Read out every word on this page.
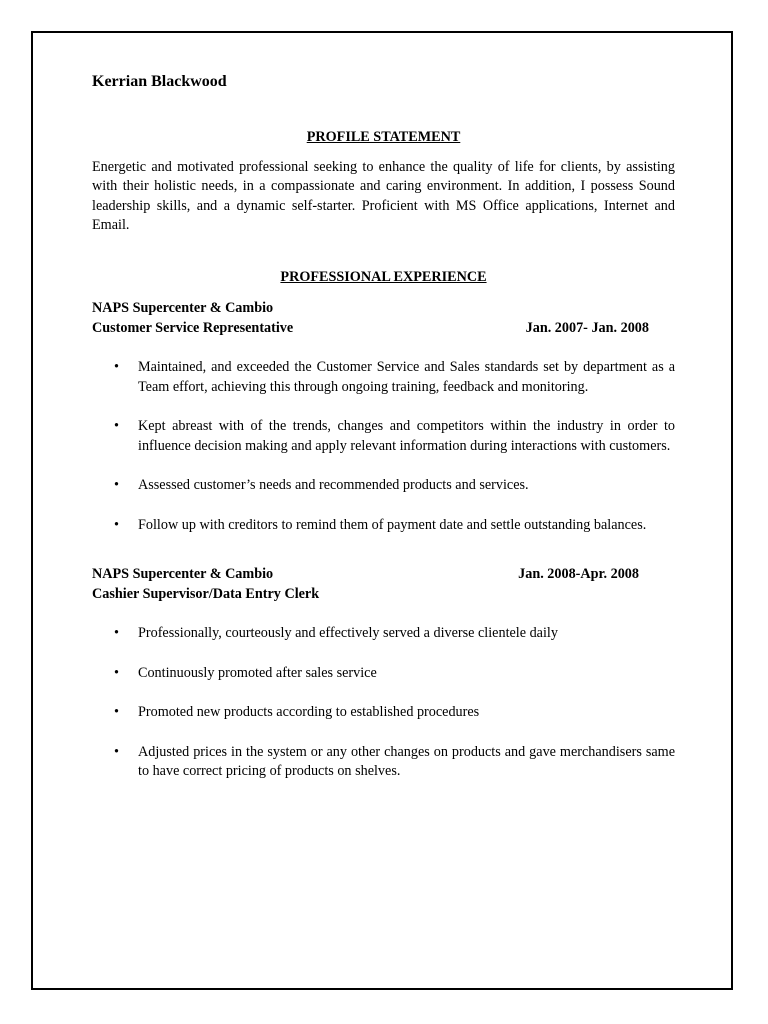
Kerrian Blackwood

PROFILE STATEMENT

Energetic and motivated professional seeking to enhance the quality of life for clients, by assisting with their holistic needs, in a compassionate and caring environment. In addition, I possess Sound leadership skills, and a dynamic self-starter. Proficient with MS Office applications, Internet and Email.

PROFESSIONAL EXPERIENCE

NAPS Supercenter & Cambio

Customer Service Representative	Jan. 2007- Jan. 2008

• Maintained, and exceeded the Customer Service and Sales standards set by department as a Team effort, achieving this through ongoing training, feedback and monitoring.
• Kept abreast with of the trends, changes and competitors within the industry in order to influence decision making and apply relevant information during interactions with customers.
• Assessed customer’s needs and recommended products and services.
• Follow up with creditors to remind them of payment date and settle outstanding balances.

NAPS Supercenter & Cambio	Jan. 2008-Apr. 2008

Cashier Supervisor/Data Entry Clerk

• Professionally, courteously and effectively served a diverse clientele daily
• Continuously promoted after sales service
• Promoted new products according to established procedures
• Adjusted prices in the system or any other changes on products and gave merchandisers same to have correct pricing of products on shelves.
